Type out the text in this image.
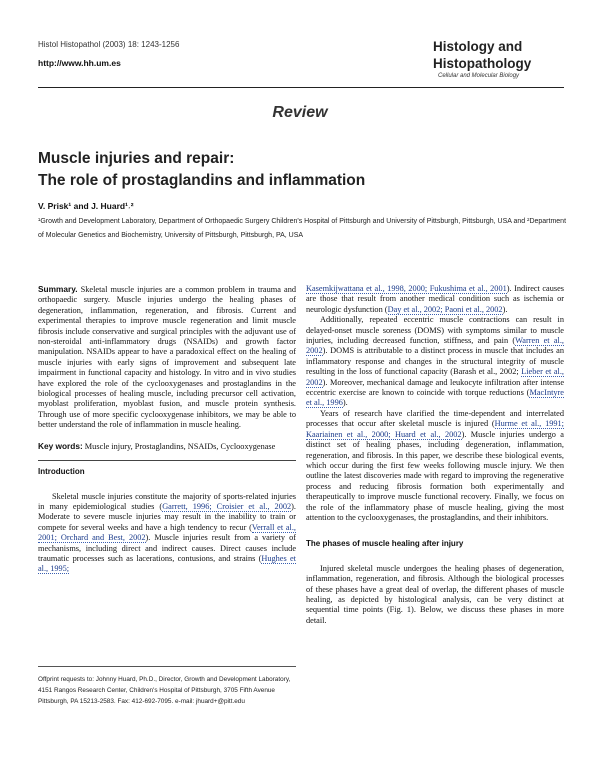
Histol Histopathol (2003) 18: 1243-1256
http://www.hh.um.es
Histology and
Histopathology
Cellular and Molecular Biology
Review
Muscle injuries and repair:
The role of prostaglandins and inflammation
V. Prisk¹ and J. Huard¹˒²
¹Growth and Development Laboratory, Department of Orthopaedic Surgery Children's Hospital of Pittsburgh and University of Pittsburgh, Pittsburgh, USA and ²Department of Molecular Genetics and Biochemistry, University of Pittsburgh, Pittsburgh, PA, USA

Summary. Skeletal muscle injuries are a common problem in trauma and orthopaedic surgery. Muscle injuries undergo the healing phases of degeneration, inflammation, regeneration, and fibrosis. Current and experimental therapies to improve muscle regeneration and limit muscle fibrosis include conservative and surgical principles with the adjuvant use of non-steroidal anti-inflammatory drugs (NSAIDs) and growth factor manipulation. NSAIDs appear to have a paradoxical effect on the healing of muscle injuries with early signs of improvement and subsequent late impairment in functional capacity and histology. In vitro and in vivo studies have explored the role of the cyclooxygenases and prostaglandins in the biological processes of healing muscle, including precursor cell activation, myoblast proliferation, myoblast fusion, and muscle protein synthesis. Through use of more specific cyclooxygenase inhibitors, we may be able to better understand the role of inflammation in muscle healing.

Key words: Muscle injury, Prostaglandins, NSAIDs, Cyclooxygenase

Introduction

Skeletal muscle injuries constitute the majority of sports-related injuries in many epidemiological studies (Garrett, 1996; Croisier et al., 2002). Moderate to severe muscle injuries may result in the inability to train or compete for several weeks and have a high tendency to recur (Verrall et al., 2001; Orchard and Best, 2002). Muscle injuries result from a variety of mechanisms, including direct and indirect causes. Direct causes include traumatic processes such as lacerations, contusions, and strains (Hughes et al., 1995;

Offprint requests to: Johnny Huard, Ph.D., Director, Growth and Development Laboratory, 4151 Rangos Research Center, Children's Hospital of Pittsburgh, 3705 Fifth Avenue Pittsburgh, PA 15213-2583. Fax: 412-692-7095. e-mail: jhuard+@pitt.edu

Kasemkijwattana et al., 1998, 2000; Fukushima et al., 2001). Indirect causes are those that result from another medical condition such as ischemia or neurologic dysfunction (Day et al., 2002; Paoni et al., 2002).

Additionally, repeated eccentric muscle contractions can result in delayed-onset muscle soreness (DOMS) with symptoms similar to muscle injuries, including decreased function, stiffness, and pain (Warren et al., 2002). DOMS is attributable to a distinct process in muscle that includes an inflammatory response and changes in the structural integrity of muscle resulting in the loss of functional capacity (Barash et al., 2002; Lieber et al., 2002). Moreover, mechanical damage and leukocyte infiltration after intense eccentric exercise are known to coincide with torque reductions (MacIntyre et al., 1996).

Years of research have clarified the time-dependent and interrelated processes that occur after skeletal muscle is injured (Hurme et al., 1991; Kaariainen et al., 2000; Huard et al., 2002). Muscle injuries undergo a distinct set of healing phases, including degeneration, inflammation, regeneration, and fibrosis. In this paper, we describe these biological events, which occur during the first few weeks following muscle injury. We then outline the latest discoveries made with regard to improving the regenerative process and reducing fibrosis formation both experimentally and therapeutically to improve muscle functional recovery. Finally, we focus on the role of the inflammatory phase of muscle healing, giving the most attention to the cyclooxygenases, the prostaglandins, and their inhibitors.

The phases of muscle healing after injury

Injured skeletal muscle undergoes the healing phases of degeneration, inflammation, regeneration, and fibrosis. Although the biological processes of these phases have a great deal of overlap, the different phases of muscle healing, as depicted by histological analysis, can be very distinct at sequential time points (Fig. 1). Below, we discuss these phases in more detail.
